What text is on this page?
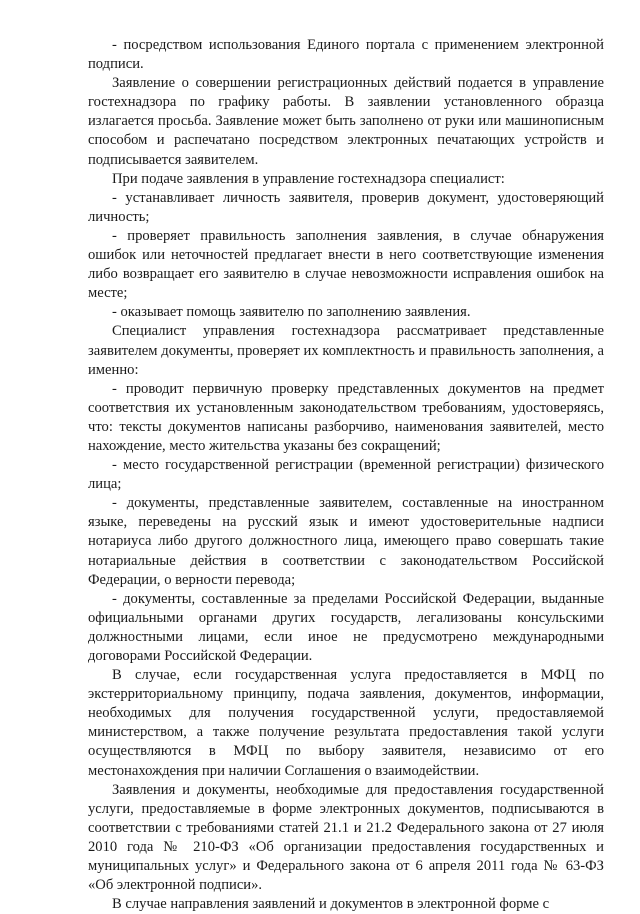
- посредством использования Единого портала с применением электронной подписи.

Заявление о совершении регистрационных действий подается в управление гостехнадзора по графику работы. В заявлении установленного образца излагается просьба. Заявление может быть заполнено от руки или машинописным способом и распечатано посредством электронных печатающих устройств и подписывается заявителем.

При подаче заявления в управление гостехнадзора специалист:

- устанавливает личность заявителя, проверив документ, удостоверяющий личность;

- проверяет правильность заполнения заявления, в случае обнаружения ошибок или неточностей предлагает внести в него соответствующие изменения либо возвращает его заявителю в случае невозможности исправления ошибок на месте;

- оказывает помощь заявителю по заполнению заявления.

Специалист управления гостехнадзора рассматривает представленные заявителем документы, проверяет их комплектность и правильность заполнения, а именно:

- проводит первичную проверку представленных документов на предмет соответствия их установленным законодательством требованиям, удостоверяясь, что: тексты документов написаны разборчиво, наименования заявителей, место нахождение, место жительства указаны без сокращений;

- место государственной регистрации (временной регистрации) физического лица;

- документы, представленные заявителем, составленные на иностранном языке, переведены на русский язык и имеют удостоверительные надписи нотариуса либо другого должностного лица, имеющего право совершать такие нотариальные действия в соответствии с законодательством Российской Федерации, о верности перевода;

- документы, составленные за пределами Российской Федерации, выданные официальными органами других государств, легализованы консульскими должностными лицами, если иное не предусмотрено международными договорами Российской Федерации.

В случае, если государственная услуга предоставляется в МФЦ по экстерриториальному принципу, подача заявления, документов, информации, необходимых для получения государственной услуги, предоставляемой министерством, а также получение результата предоставления такой услуги осуществляются в МФЦ по выбору заявителя, независимо от его местонахождения при наличии Соглашения о взаимодействии.

Заявления и документы, необходимые для предоставления государственной услуги, предоставляемые в форме электронных документов, подписываются в соответствии с требованиями статей 21.1 и 21.2 Федерального закона от 27 июля 2010 года № 210-ФЗ «Об организации предоставления государственных и муниципальных услуг» и Федерального закона от 6 апреля 2011 года № 63-ФЗ «Об электронной подписи».

В случае направления заявлений и документов в электронной форме с
